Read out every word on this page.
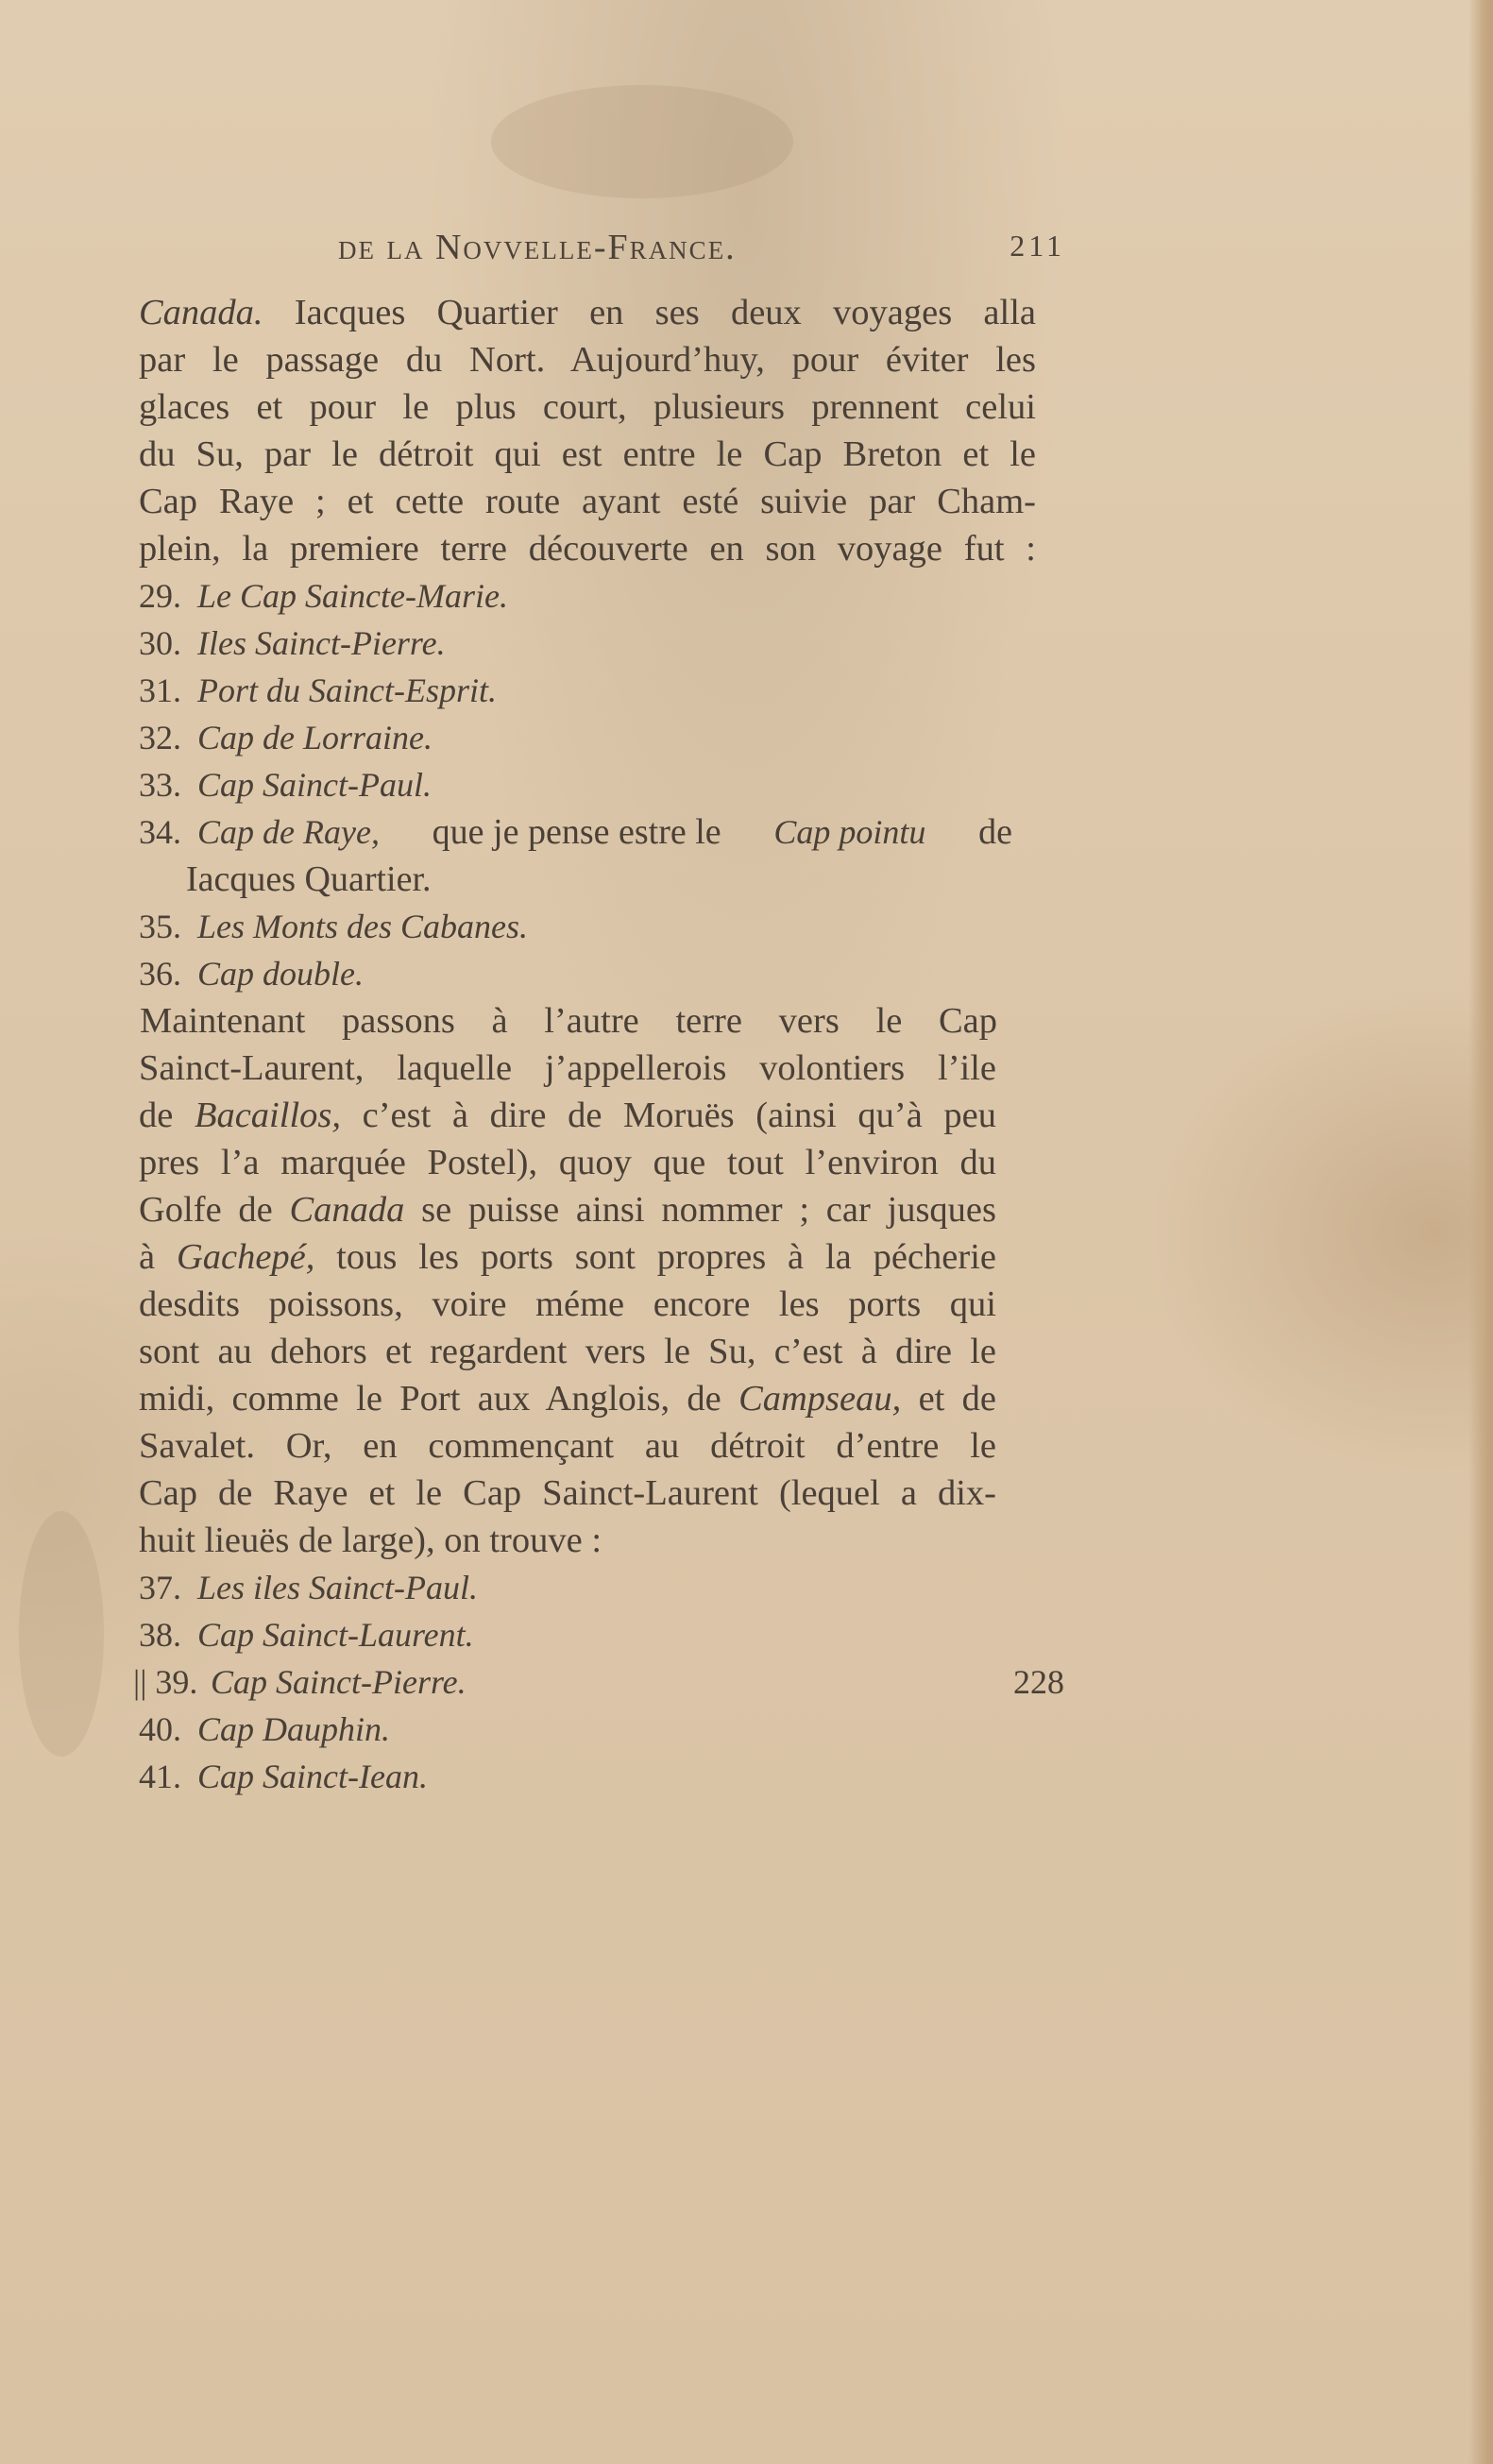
de la Novvelle-France.	211
Canada. Iacques Quartier en ses deux voyages alla
par le passage du Nort. Aujourd’huy, pour éviter les
glaces et pour le plus court, plusieurs prennent celui
du Su, par le détroit qui est entre le Cap Breton et le
Cap Raye ; et cette route ayant esté suivie par Cham-
plein, la premiere terre découverte en son voyage fut :
29. Le Cap Saincte-Marie.
30. Iles Sainct-Pierre.
31. Port du Sainct-Esprit.
32. Cap de Lorraine.
33. Cap Sainct-Paul.
34. Cap de Raye, que je pense estre le Cap pointu de
Iacques Quartier.
35. Les Monts des Cabanes.
36. Cap double.
Maintenant passons à l’autre terre vers le Cap
Sainct-Laurent, laquelle j’appellerois volontiers l’ile
de Bacaillos, c’est à dire de Moruës (ainsi qu’à peu
pres l’a marquée Postel), quoy que tout l’environ du
Golfe de Canada se puisse ainsi nommer ; car jusques
à Gachepé, tous les ports sont propres à la pécherie
desdits poissons, voire méme encore les ports qui
sont au dehors et regardent vers le Su, c’est à dire le
midi, comme le Port aux Anglois, de Campseau, et de
Savalet. Or, en commençant au détroit d’entre le
Cap de Raye et le Cap Sainct-Laurent (lequel a dix-
huit lieuës de large), on trouve :
37. Les iles Sainct-Paul.
38. Cap Sainct-Laurent.
|| 39. Cap Sainct-Pierre.	228
40. Cap Dauphin.
41. Cap Sainct-Iean.
